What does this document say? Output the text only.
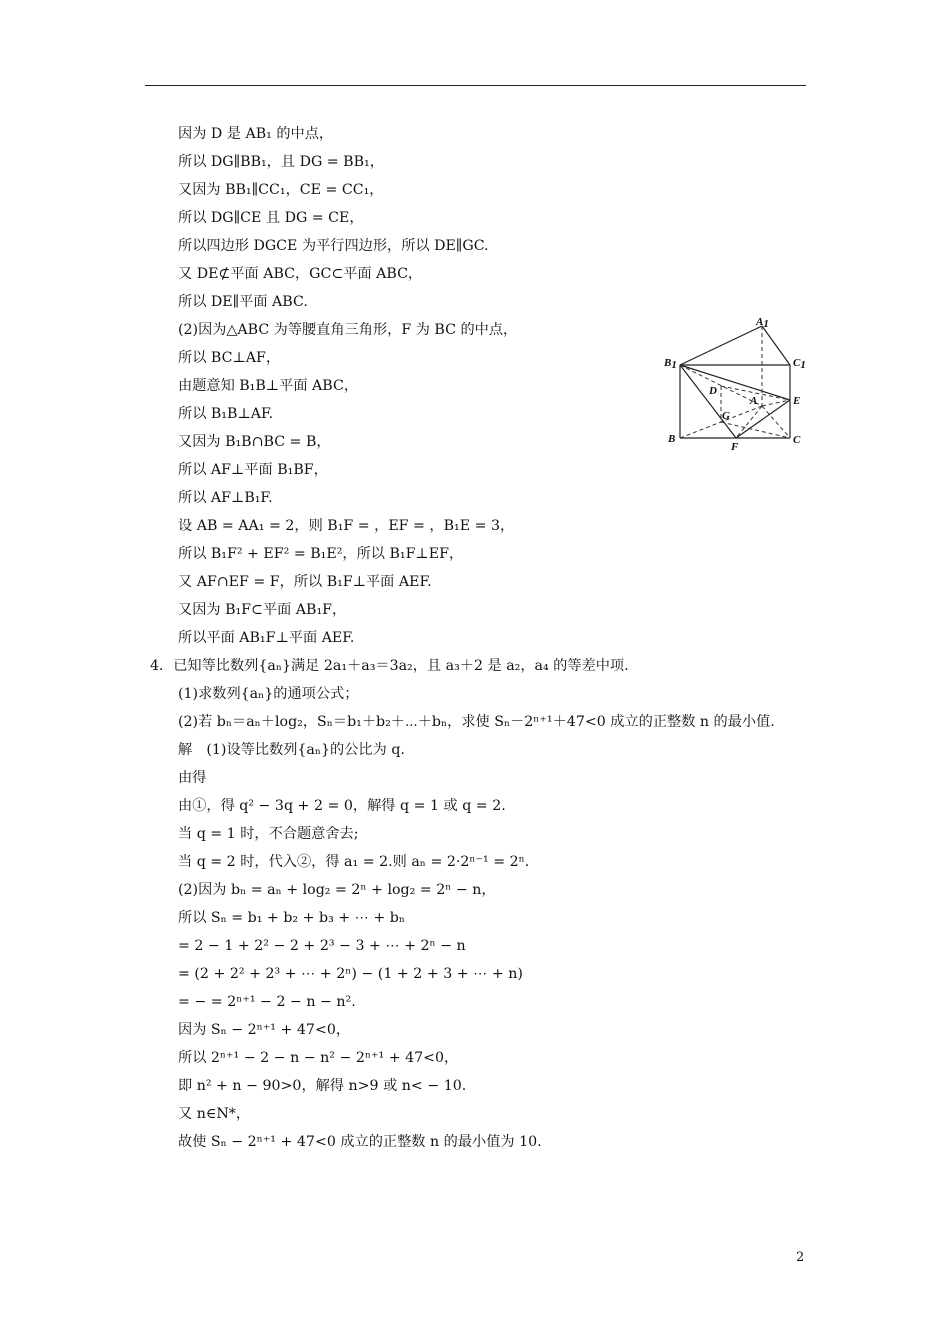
因为 D 是 AB₁ 的中点，
所以 DG∥BB₁，且 DG = BB₁，
又因为 BB₁∥CC₁，CE = CC₁，
所以 DG∥CE 且 DG = CE，
所以四边形 DGCE 为平行四边形，所以 DE∥GC.
又 DE⊄平面 ABC，GC⊂平面 ABC，
所以 DE∥平面 ABC.
(2)因为△ABC 为等腰直角三角形，F 为 BC 的中点，
所以 BC⊥AF，
由题意知 B₁B⊥平面 ABC，
所以 B₁B⊥AF.
又因为 B₁B∩BC = B，
所以 AF⊥平面 B₁BF，
所以 AF⊥B₁F.
设 AB = AA₁ = 2，则 B₁F = ，EF = ，B₁E = 3，
所以 B₁F² + EF² = B₁E²，所以 B₁F⊥EF，
又 AF∩EF = F，所以 B₁F⊥平面 AEF.
又因为 B₁F⊂平面 AB₁F，
所以平面 AB₁F⊥平面 AEF.
4．已知等比数列{aₙ}满足 2a₁＋a₃＝3a₂，且 a₃＋2 是 a₂，a₄ 的等差中项.
(1)求数列{aₙ}的通项公式；
(2)若 bₙ＝aₙ＋log₂，Sₙ＝b₁＋b₂＋⋯＋bₙ，求使 Sₙ－2ⁿ⁺¹＋47<0 成立的正整数 n 的最小值.
解　(1)设等比数列{aₙ}的公比为 q.
由得
由①，得 q² − 3q + 2 = 0，解得 q = 1 或 q = 2.
当 q = 1 时，不合题意舍去;
当 q = 2 时，代入②，得 a₁ = 2.则 aₙ = 2·2ⁿ⁻¹ = 2ⁿ.
(2)因为 bₙ = aₙ + log₂ = 2ⁿ + log₂ = 2ⁿ − n，
所以 Sₙ = b₁ + b₂ + b₃ + ⋯ + bₙ
= 2 − 1 + 2² − 2 + 2³ − 3 + ⋯ + 2ⁿ − n
= (2 + 2² + 2³ + ⋯ + 2ⁿ) − (1 + 2 + 3 + ⋯ + n)
= − = 2ⁿ⁺¹ − 2 − n − n².
因为 Sₙ − 2ⁿ⁺¹ + 47<0，
所以 2ⁿ⁺¹ − 2 − n − n² − 2ⁿ⁺¹ + 47<0，
即 n² + n − 90>0，解得 n>9 或 n< − 10.
又 n∈N*，
故使 Sₙ − 2ⁿ⁺¹ + 47<0 成立的正整数 n 的最小值为 10.
A1
B1	C1
D
G
A	E
B
F
C
2
